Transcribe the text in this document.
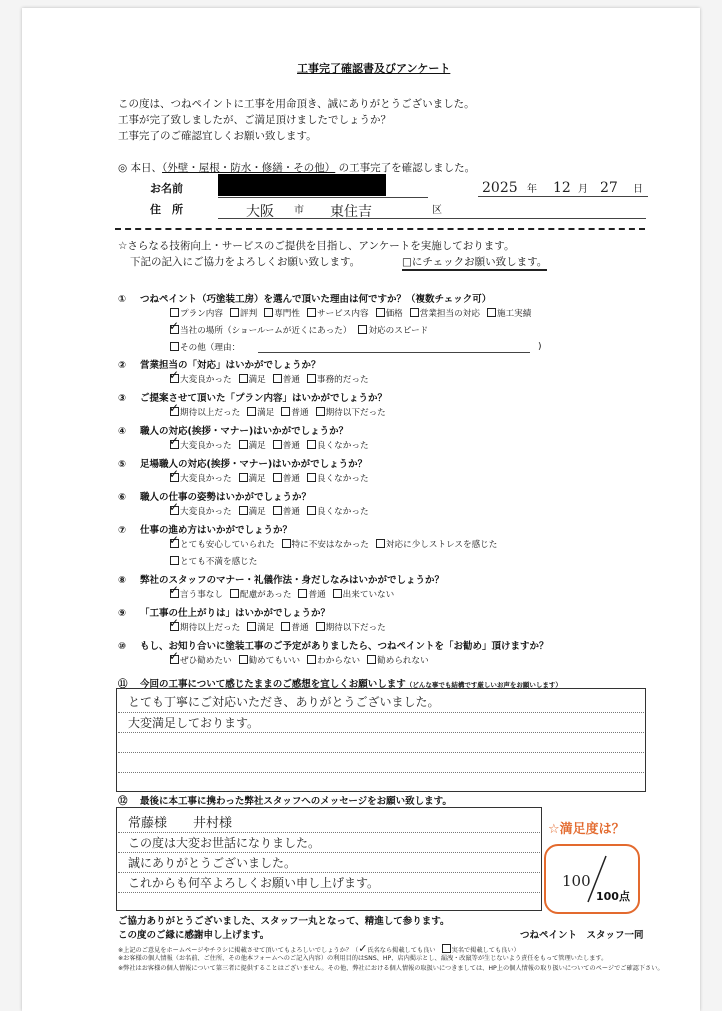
工事完了確認書及びアンケート
この度は、つねペイントに工事を用命頂き、誠にありがとうございました。
工事が完了致しましたが、ご満足頂けましたでしょうか？
工事完了のご確認宜しくお願い致します。
◎ 本日、（外壁・屋根・防水・修繕・その他） の工事完了を確認しました。
お名前	2025 年 12 月 27 日
住　所	大阪 市 東住吉	区
☆さらなる技術向上・サービスのご提供を目指し、アンケートを実施しております。
下記の記入にご協力をよろしくお願い致します。	□にチェックお願い致します。
① つねペイント（巧塗装工房）を選んで頂いた理由は何ですか？（複数チェック可）
プラン内容 評判 専門性 サービス内容 価格 営業担当の対応 施工実績
✓当社の場所（ショールームが近くにあった） 対応のスピード
その他（理由：
② 営業担当の「対応」はいかがでしょうか？
✓大変良かった 満足 普通 事務的だった
③ ご提案させて頂いた「プラン内容」はいかがでしょうか？
✓期待以上だった 満足 普通 期待以下だった
④ 職人の対応(挨拶・マナー)はいかがでしょうか？
✓大変良かった 満足 普通 良くなかった
⑤ 足場職人の対応(挨拶・マナー)はいかがでしょうか？
✓大変良かった 満足 普通 良くなかった
⑥ 職人の仕事の姿勢はいかがでしょうか？
✓大変良かった 満足 普通 良くなかった
⑦ 仕事の進め方はいかがでしょうか？
✓とても安心していられた 特に不安はなかった 対応に少しストレスを感じた
とても不満を感じた
⑧ 弊社のスタッフのマナー・礼儀作法・身だしなみはいかがでしょうか？
✓言う事なし 配慮があった 普通 出来ていない
⑨ 「工事の仕上がりは」はいかがでしょうか？
✓期待以上だった 満足 普通 期待以下だった
⑩ もし、お知り合いに塗装工事のご予定がありましたら、つねペイントを「お勧め」頂けますか？
✓ぜひ勧めたい 勧めてもいい わからない 勧められない
)
⑪ 今回の工事について感じたままのご感想を宜しくお願いします（どんな事でも結構です厳しいお声をお願いします）
とても丁寧にご対応いただき、ありがとうございました。
大変満足しております。
⑫ 最後に本工事に携わった弊社スタッフへのメッセージをお願い致します。
常藤様　　井村様
この度は大変お世話になりました。
誠にありがとうございました。
これからも何卒よろしくお願い申し上げます。
☆満足度は？
100
100点
ご協力ありがとうございました、スタッフ一丸となって、精進して参ります。
この度のご縁に感謝申し上げます。	つねペイント　スタッフ一同
※上記のご意見をホームページやチラシに掲載させて頂いてもよろしいでしょうか？（✓氏名なら掲載しても良い　	実名で掲載しても良い）
※お客様の個人情報（お名前、ご住所、その他本フォームへのご記入内容）の利用目的はSNS、HP、店内掲示とし、漏洩・改竄等が生じないよう責任をもって管理いたします。
※弊社はお客様の個人情報について第三者に提供することはございません。その他、弊社における個人情報の取扱いにつきましては、HP上の個人情報の取り扱いについてのページでご確認下さい。
